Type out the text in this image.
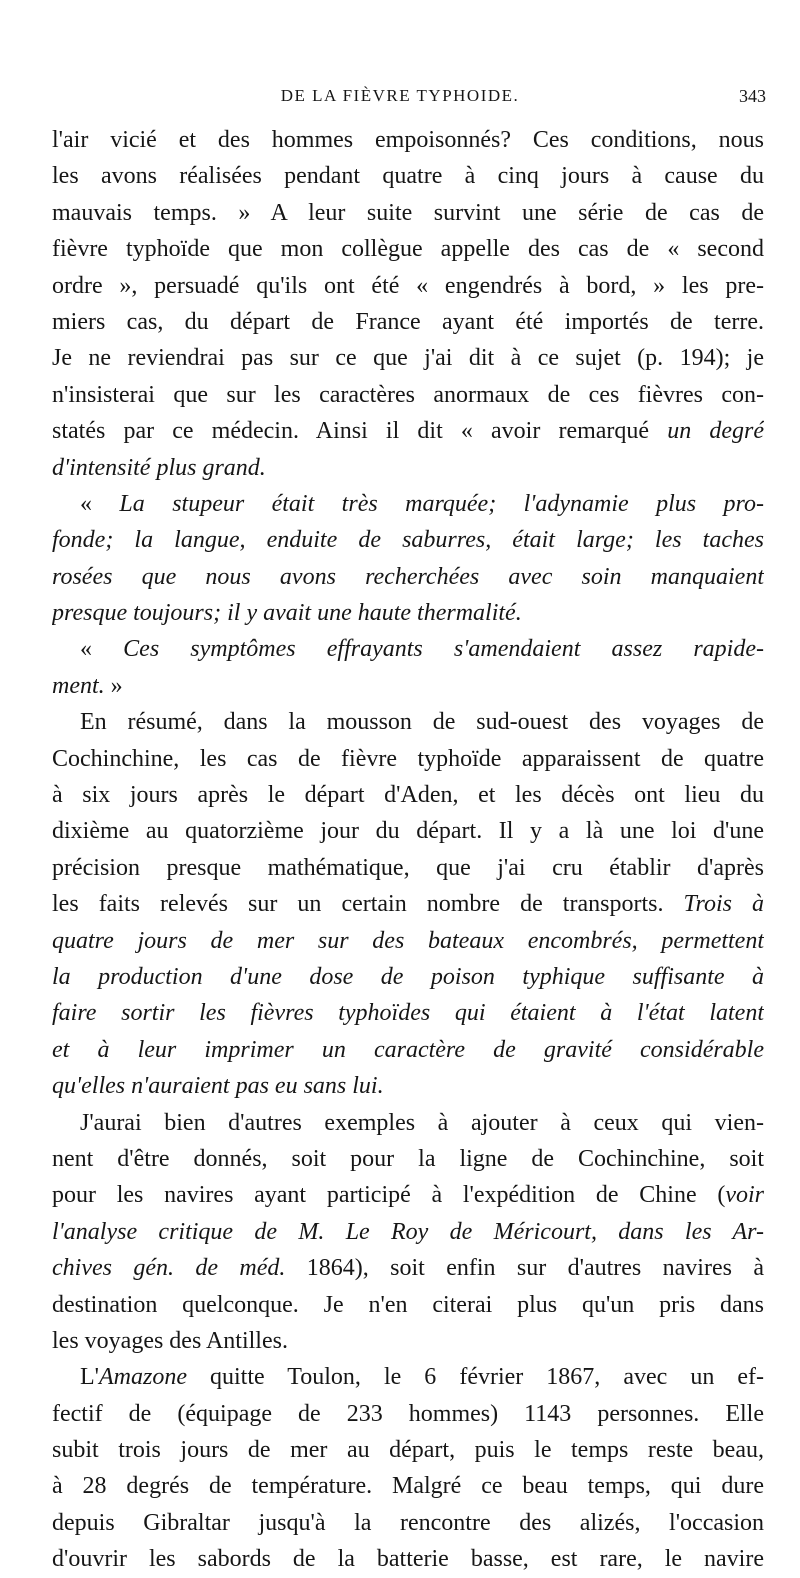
DE LA FIÈVRE TYPHOIDE.	343
l'air vicié et des hommes empoisonnés? Ces conditions, nous
les avons réalisées pendant quatre à cinq jours à cause du
mauvais temps. » A leur suite survint une série de cas de
fièvre typhoïde que mon collègue appelle des cas de « second
ordre », persuadé qu'ils ont été « engendrés à bord, » les pre-
miers cas, du départ de France ayant été importés de terre.
Je ne reviendrai pas sur ce que j'ai dit à ce sujet (p. 194); je
n'insisterai que sur les caractères anormaux de ces fièvres con-
statés par ce médecin. Ainsi il dit « avoir remarqué un degré
d'intensité plus grand.
« La stupeur était très marquée; l'adynamie plus pro-
fonde; la langue, enduite de saburres, était large; les taches
rosées que nous avons recherchées avec soin manquaient
presque toujours; il y avait une haute thermalité.
« Ces symptômes effrayants s'amendaient assez rapide-
ment. »
En résumé, dans la mousson de sud-ouest des voyages de
Cochinchine, les cas de fièvre typhoïde apparaissent de quatre
à six jours après le départ d'Aden, et les décès ont lieu du
dixième au quatorzième jour du départ. Il y a là une loi d'une
précision presque mathématique, que j'ai cru établir d'après
les faits relevés sur un certain nombre de transports. Trois à
quatre jours de mer sur des bateaux encombrés, permettent
la production d'une dose de poison typhique suffisante à
faire sortir les fièvres typhoïdes qui étaient à l'état latent
et à leur imprimer un caractère de gravité considérable
qu'elles n'auraient pas eu sans lui.
J'aurai bien d'autres exemples à ajouter à ceux qui vien-
nent d'être donnés, soit pour la ligne de Cochinchine, soit
pour les navires ayant participé à l'expédition de Chine (voir
l'analyse critique de M. Le Roy de Méricourt, dans les Ar-
chives gén. de méd. 1864), soit enfin sur d'autres navires à
destination quelconque. Je n'en citerai plus qu'un pris dans
les voyages des Antilles.
L'Amazone quitte Toulon, le 6 février 1867, avec un ef-
fectif de (équipage de 233 hommes) 1143 personnes. Elle
subit trois jours de mer au départ, puis le temps reste beau,
à 28 degrés de température. Malgré ce beau temps, qui dure
depuis Gibraltar jusqu'à la rencontre des alizés, l'occasion
d'ouvrir les sabords de la batterie basse, est rare, le navire
